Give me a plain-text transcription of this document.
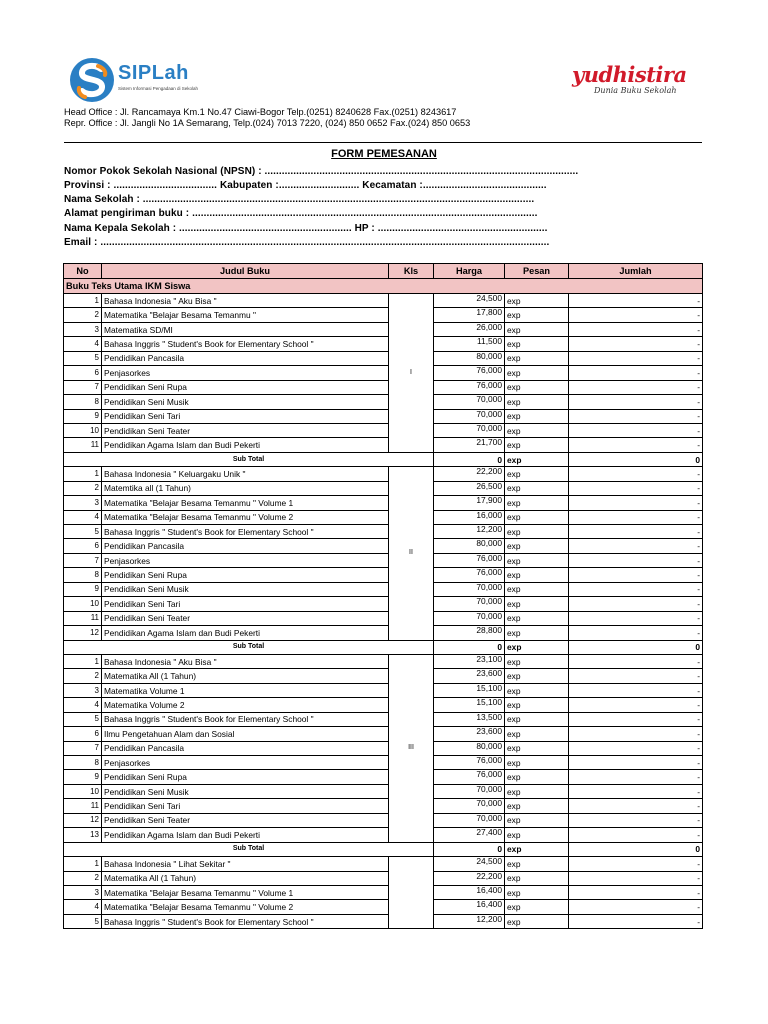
SIPLah
Sistem Informasi Pengadaan di Sekolah
yudhistira
Dunia Buku Sekolah
Head Office : Jl. Rancamaya Km.1 No.47 Ciawi-Bogor Telp.(0251) 8240628 Fax.(0251) 8243617
Repr. Office : Jl. Jangli No 1A Semarang, Telp.(024) 7013 7220, (024) 850 0652 Fax.(024) 850 0653
FORM PEMESANAN
Nomor Pokok Sekolah Nasional (NPSN) : .............................................................................................................
Provinsi : .................................... Kabupaten :............................ Kecamatan :...........................................
Nama Sekolah : ........................................................................................................................................
Alamat pengiriman buku : ........................................................................................................................
Nama Kepala Sekolah : ............................................................ HP : ...........................................................
Email : ............................................................................................................................................................
No	Judul Buku	Kls	Harga	Pesan	Jumlah
Buku Teks Utama IKM Siswa					
1	Bahasa Indonesia " Aku Bisa "	I	24,500	exp	-
2	Matematika "Belajar Besama Temanmu "		17,800	exp	-
3	Matematika SD/MI		26,000	exp	-
4	Bahasa Inggris " Student's Book for Elementary School "		11,500	exp	-
5	Pendidikan Pancasila		80,000	exp	-
6	Penjasorkes		76,000	exp	-
7	Pendidikan Seni Rupa		76,000	exp	-
8	Pendidikan Seni Musik		70,000	exp	-
9	Pendidikan Seni Tari		70,000	exp	-
10	Pendidikan Seni Teater		70,000	exp	-
11	Pendidikan Agama Islam dan Budi Pekerti		21,700	exp	-
Sub Total			0	exp	0
1	Bahasa Indonesia " Keluargaku Unik "	II	22,200	exp	-
2	Matemtika all (1 Tahun)		26,500	exp	-
3	Matematika "Belajar Besama Temanmu " Volume 1		17,900	exp	-
4	Matematika "Belajar Besama Temanmu " Volume 2		16,000	exp	-
5	Bahasa Inggris " Student's Book for Elementary School "		12,200	exp	-
6	Pendidikan Pancasila		80,000	exp	-
7	Penjasorkes		76,000	exp	-
8	Pendidikan Seni Rupa		76,000	exp	-
9	Pendidikan Seni Musik		70,000	exp	-
10	Pendidikan Seni Tari		70,000	exp	-
11	Pendidikan Seni Teater		70,000	exp	-
12	Pendidikan Agama Islam dan Budi Pekerti		28,800	exp	-
Sub Total			0	exp	0
1	Bahasa Indonesia " Aku Bisa "	III	23,100	exp	-
2	Matematika All (1 Tahun)		23,600	exp	-
3	Matematika Volume 1		15,100	exp	-
4	Matematika Volume 2		15,100	exp	-
5	Bahasa Inggris " Student's Book for Elementary School "		13,500	exp	-
6	Ilmu Pengetahuan Alam dan Sosial		23,600	exp	-
7	Pendidikan Pancasila		80,000	exp	-
8	Penjasorkes		76,000	exp	-
9	Pendidikan Seni Rupa		76,000	exp	-
10	Pendidikan Seni Musik		70,000	exp	-
11	Pendidikan Seni Tari		70,000	exp	-
12	Pendidikan Seni Teater		70,000	exp	-
13	Pendidikan Agama Islam dan Budi Pekerti		27,400	exp	-
Sub Total			0	exp	0
1	Bahasa Indonesia " Lihat Sekitar "		24,500	exp	-
2	Matematika All (1 Tahun)		22,200	exp	-
3	Matematika "Belajar Besama Temanmu " Volume 1		16,400	exp	-
4	Matematika "Belajar Besama Temanmu " Volume 2		16,400	exp	-
5	Bahasa Inggris " Student's Book for Elementary School "		12,200	exp	-
